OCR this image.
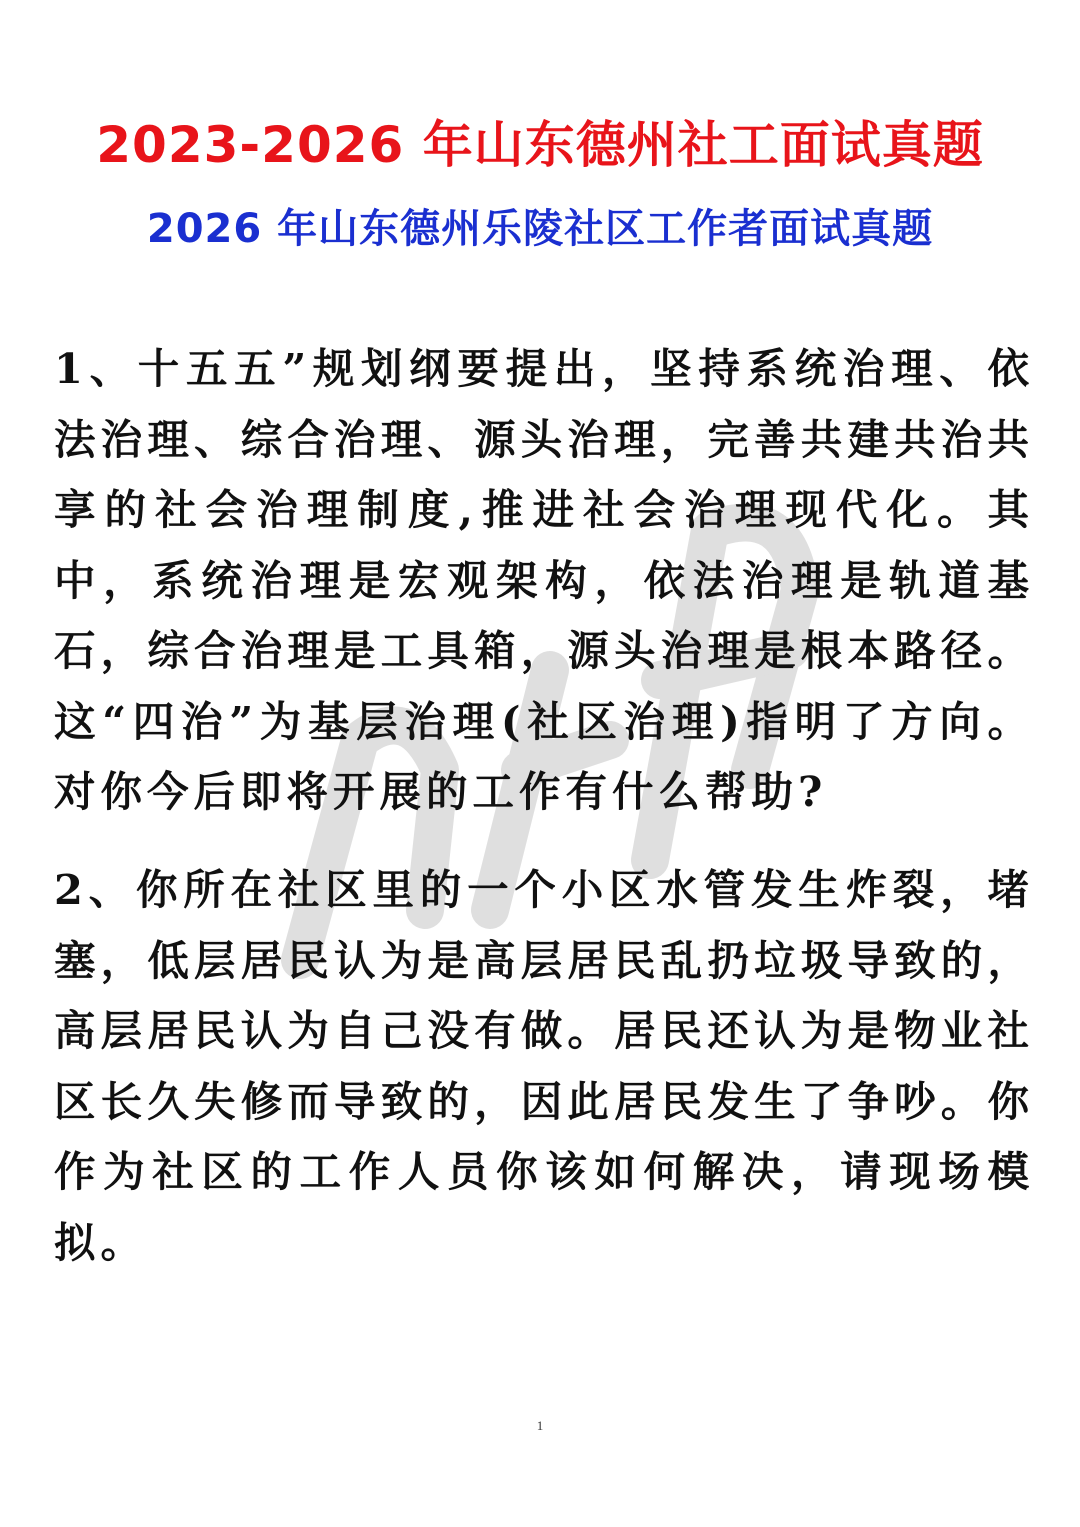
2023-2026 年山东德州社工面试真题
2026 年山东德州乐陵社区工作者面试真题
1、十五五”规划纲要提出，坚持系统治理、依法治理、综合治理、源头治理，完善共建共治共享的社会治理制度,推进社会治理现代化。其中，系统治理是宏观架构，依法治理是轨道基石，综合治理是工具箱，源头治理是根本路径。这“四治”为基层治理(社区治理)指明了方向。对你今后即将开展的工作有什么帮助?
2、你所在社区里的一个小区水管发生炸裂，堵塞，低层居民认为是高层居民乱扔垃圾导致的，高层居民认为自己没有做。居民还认为是物业社区长久失修而导致的，因此居民发生了争吵。你作为社区的工作人员你该如何解决，请现场模拟。
1
